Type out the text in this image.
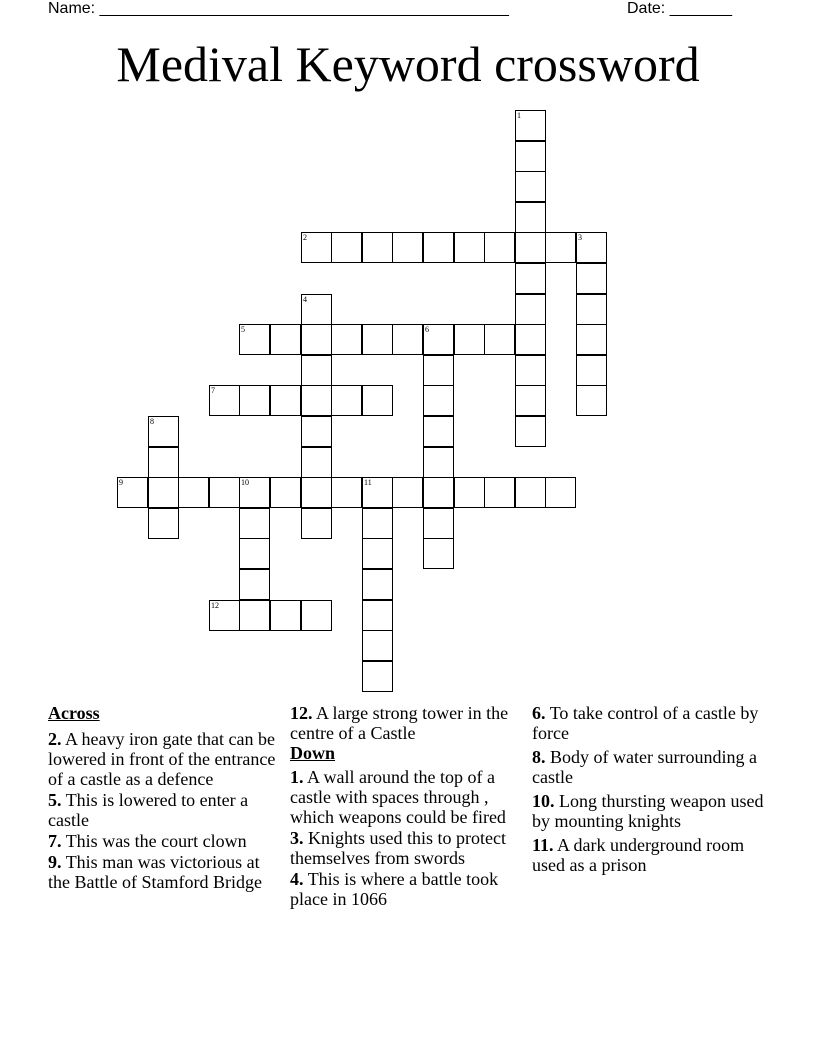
Name: ______________________________________________	Date: _______
Medival Keyword crossword
1
2	3
4
5	6
7
8
9	10	11
12
Across
2. A heavy iron gate that can be lowered in front of the entrance of a castle as a defence
5. This is lowered to enter a castle
7. This was the court clown
9. This man was victorious at the Battle of Stamford Bridge
12. A large strong tower in the centre of a Castle
Down
1. A wall around the top of a castle with spaces through , which weapons could be fired
3. Knights used this to protect themselves from swords
4. This is where a battle took place in 1066
6. To take control of a castle by force
8. Body of water surrounding a castle
10. Long thursting weapon used by mounting knights
11. A dark underground room used as a prison
